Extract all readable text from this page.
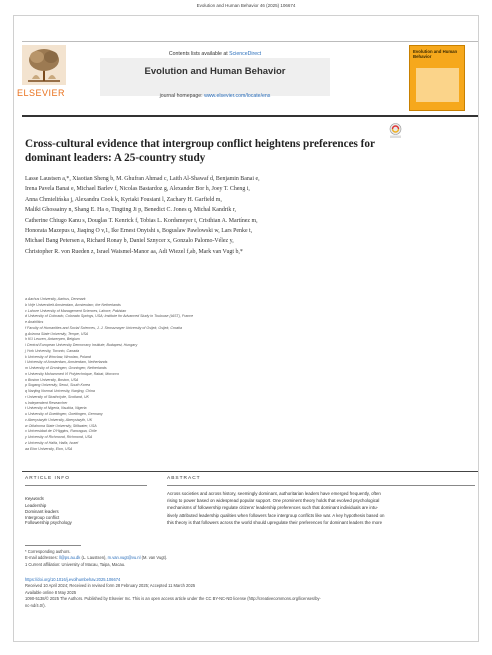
Evolution and Human Behavior 46 (2025) 106674
ELSEVIER
Contents lists available at ScienceDirect
Evolution and Human Behavior
journal homepage: www.elsevier.com/locate/ens
Evolution and Human Behavior
Cross-cultural evidence that intergroup conflict heightens preferences for
dominant leaders: A 25-country study
Lasse Laustsen a,*, Xiaotian Sheng b, M. Ghufran Ahmad c, Laith Al-Shawaf d, Benjamin Banai e,
Irena Pavela Banai e, Michael Barlev f, Nicolas Bastardoz g, Alexander Bor h, Joey T. Cheng i,
Anna Chmielińska j, Alexandra Cook k, Kyriaki Fousiani l, Zachary H. Garfield m,
Maliki Ghossainy n, Shang E. Ha o, Tingting Ji p, Benedict C. Jones q, Michal Kandrik r,
Catherine Chiugo Kanu s, Douglas T. Kenrick f, Tobias L. Kordsmeyer t, Cristhian A. Martínez m,
Honorata Mazepus u, Jiaqing O v,1, Ike Ernest Onyishi s, Boguslaw Pawlowski w, Lars Penke t,
Michael Bang Petersen a, Richard Ronay b, Daniel Sznycer x, Gonzalo Palomo-Vélez y,
Christopher R. von Rueden z, Israel Waismel-Manor aa, Adi Wiezel f,ab, Mark van Vugt b,*
a Aarhus University, Aarhus, Denmark
b Vrije Universiteit Amsterdam, Amsterdam, the Netherlands
c Lahore University of Management Sciences, Lahore, Pakistan
d University of Colorado, Colorado Springs, USA; Institute for Advanced Study in Toulouse (IAST), France
e Anahlitics
f Faculty of Humanities and Social Sciences, J. J. Strossmayer University of Osijek, Osijek, Croatia
g Arizona State University, Tempe, USA
h KU Leuven, Antwerpen, Belgium
i Central European University Democracy Institute, Budapest, Hungary
j York University, Toronto, Canada
k University of Wroclaw, Wroclaw, Poland
l University of Amsterdam, Amsterdam, Netherlands
m University of Groningen, Groningen, Netherlands
n University Mohammed VI Polytechnique, Rabat, Morocco
o Boston University, Boston, USA
p Sogang University, Seoul, South Korea
q Nanjing Normal University, Nanjing, China
r University of Strathclyde, Scotland, UK
s Independent Researcher
t University of Nigeria, Nsukka, Nigeria
u University of Goettingen, Goettingen, Germany
v Aberystwyth University, Aberystwyth, UK
w Oklahoma State University, Stillwater, USA
x Universidad de O'Higgins, Rancagua, Chile
y University of Richmond, Richmond, USA
z University of Haifa, Haifa, Israel
aa Elon University, Elon, USA
ARTICLE INFO	ABSTRACT
Keywords
Leadership
Dominant leaders
Intergroup conflict
Followership psychology
Across societies and across history, seemingly dominant, authoritarian leaders have emerged frequently, often
rising to power based on widespread popular support. One prominent theory holds that evolved psychological
mechanisms of followership regulate citizens' leadership preferences such that dominant individuals are intu-
itively attributed leadership qualities when followers face intergroup conflicts like war. A key hypothesis based on
this theory is that followers across the world should upregulate their preferences for dominant leaders the more
* Corresponding authors.
E-mail addresses: ll@ps.au.dk (L. Laustsen), m.van.vugt@vu.nl (M. van Vugt).
1 Current affiliation: University of Macau, Taipa, Macau.
https://doi.org/10.1016/j.evolhumbehav.2025.106674
Received 10 April 2024; Received in revised form 28 February 2025; Accepted 11 March 2025
Available online 8 May 2025
1090-5138/© 2025 The Authors. Published by Elsevier Inc. This is an open access article under the CC BY-NC-ND license (http://creativecommons.org/licenses/by-
nc-nd/4.0/).
